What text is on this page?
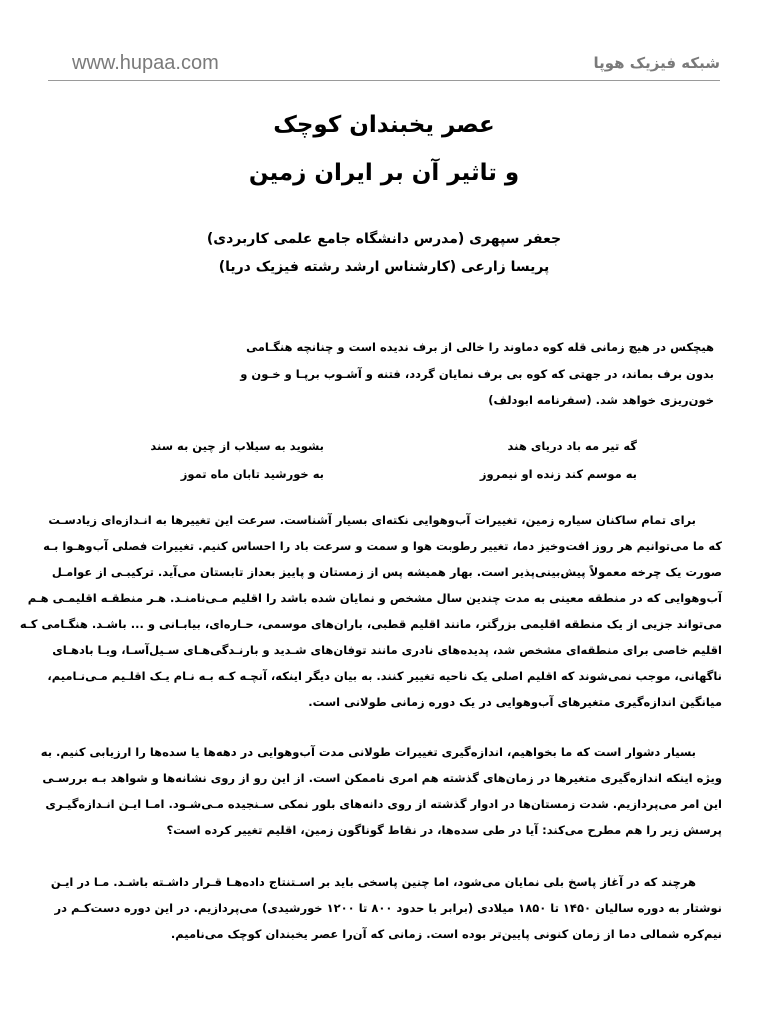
www.hupaa.com	شبکه فیزیک هوپا
عصر یخبندان کوچک
و تاثیر آن بر ایران زمین
جعفر سپهری (مدرس دانشگاه جامع علمی کاربردی)
پریسا زارعی (کارشناس ارشد رشته فیزیک دریا)
هیچکس در هیچ زمانی قله کوه دماوند را خالی از برف ندیده است و چنانچه هنگـامی
بدون برف بماند، در جهتی که کوه بی برف نمایان گردد، فتنه و آشـوب برپـا و خـون و
خون‌ریزی خواهد شد. (سفرنامه ابودلف)
گه تیر مه باد دریای هند
به موسم کند زنده او نیمروز
بشوید به سیلاب از چین به سند
به خورشید تابان ماه تموز
برای تمام ساکنان سیاره زمین، تغییرات آب‌وهوایی نکته‌ای بسیار آشناست. سرعت این تغییرها به انـدازه‌ای زیادسـت
که ما می‌توانیم هر روز افت‌وخیز دما، تغییر رطوبت هوا و سمت و سرعت باد را احساس کنیم. تغییرات فصلی آب‌وهـوا بـه
صورت یک چرخه معمولاً پیش‌بینی‌پذیر است. بهار همیشه پس از زمستان و پاییز بعداز تابستان می‌آید. ترکیبـی از عوامـل
آب‌وهوایی که در منطقه معینی به مدت چندین سال مشخص و نمایان شده باشد را اقلیم مـی‌نامنـد. هـر منطقـه اقلیمـی هـم
می‌تواند جزیی از یک منطقه اقلیمی بزرگتر، مانند اقلیم قطبی، باران‌های موسمی، حـاره‌ای، بیابـانی و ... باشـد. هنگـامی کـه
اقلیم خاصی برای منطقه‌ای مشخص شد، پدیده‌های نادری مانند توفان‌های شـدید و بارنـدگی‌هـای سـیل‌آسـا، ویـا بادهـای
ناگهانی، موجب نمی‌شوند که اقلیم اصلی یک ناحیه تغییر کنند. به بیان دیگر اینکه، آنچـه کـه بـه نـام یـک اقلـیم مـی‌نـامیم،
میانگین اندازه‌گیری متغیرهای آب‌وهوایی در یک دوره زمانی طولانی است.
بسیار دشوار است که ما بخواهیم، اندازه‌گیری تغییرات طولانی مدت آب‌وهوایی در دهه‌ها یا سده‌ها را ارزیابی کنیم. به
ویژه اینکه اندازه‌گیری متغیرها در زمان‌های گذشته هم امری ناممکن است. از این رو از روی نشانه‌ها و شواهد بـه بررسـی
این امر می‌پردازیم. شدت زمستان‌ها در ادوار گذشته از روی دانه‌های بلور نمکی سـنجیده مـی‌شـود. امـا ایـن انـدازه‌گیـری
پرسش زیر را هم مطرح می‌کند: آیا در طی سده‌ها، در نقاط گوناگون زمین، اقلیم تغییر کرده است؟
هرچند که در آغاز پاسخ بلی نمایان می‌شود، اما چنین پاسخی باید بر اسـتنتاج داده‌هـا قـرار داشـته باشـد. مـا در ایـن
نوشتار به دوره سالیان ۱۴۵۰ تا ۱۸۵۰ میلادی (برابر با حدود ۸۰۰ تا ۱۲۰۰ خورشیدی) می‌پردازیم. در این دوره دست‌کـم در
نیم‌کره شمالی دما از زمان کنونی پایین‌تر بوده است. زمانی که آن‌را عصر یخبندان کوچک می‌نامیم.
